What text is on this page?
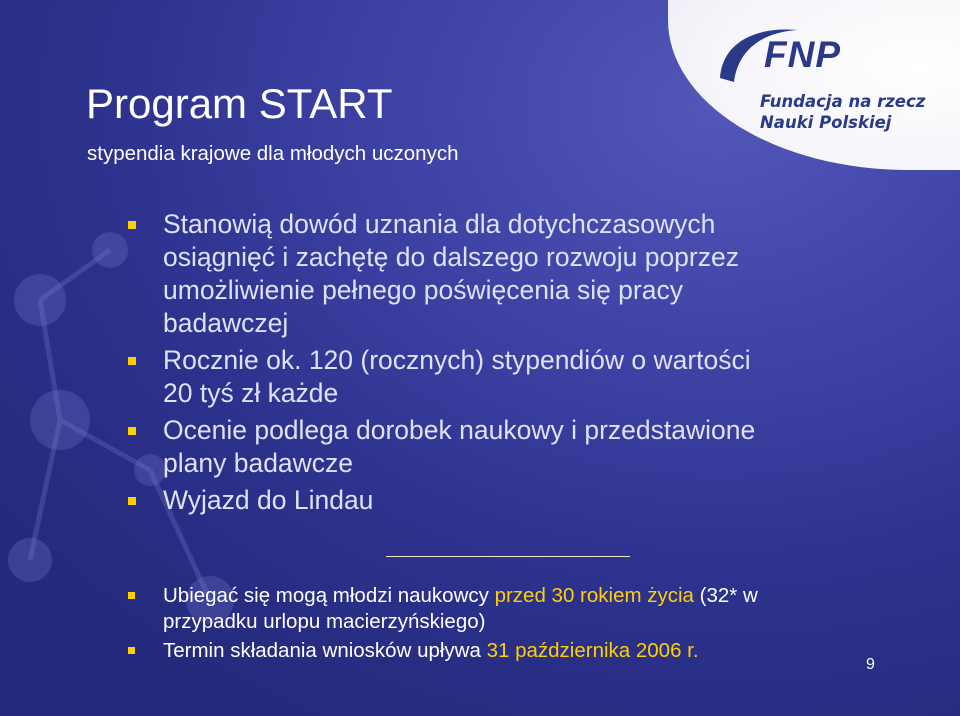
FNP
Fundacja na rzecz
Nauki Polskiej
Program START
stypendia krajowe dla młodych uczonych
Stanowią dowód uznania dla dotychczasowych
osiągnięć i zachętę do dalszego rozwoju poprzez
umożliwienie pełnego poświęcenia się pracy
badawczej
Rocznie ok. 120 (rocznych) stypendiów o wartości
20 tyś zł każde
Ocenie podlega dorobek naukowy i przedstawione
plany badawcze
Wyjazd do Lindau
Ubiegać się mogą młodzi naukowcy przed 30 rokiem życia (32* w
przypadku urlopu macierzyńskiego)
Termin składania wniosków upływa 31 października 2006 r.
9
